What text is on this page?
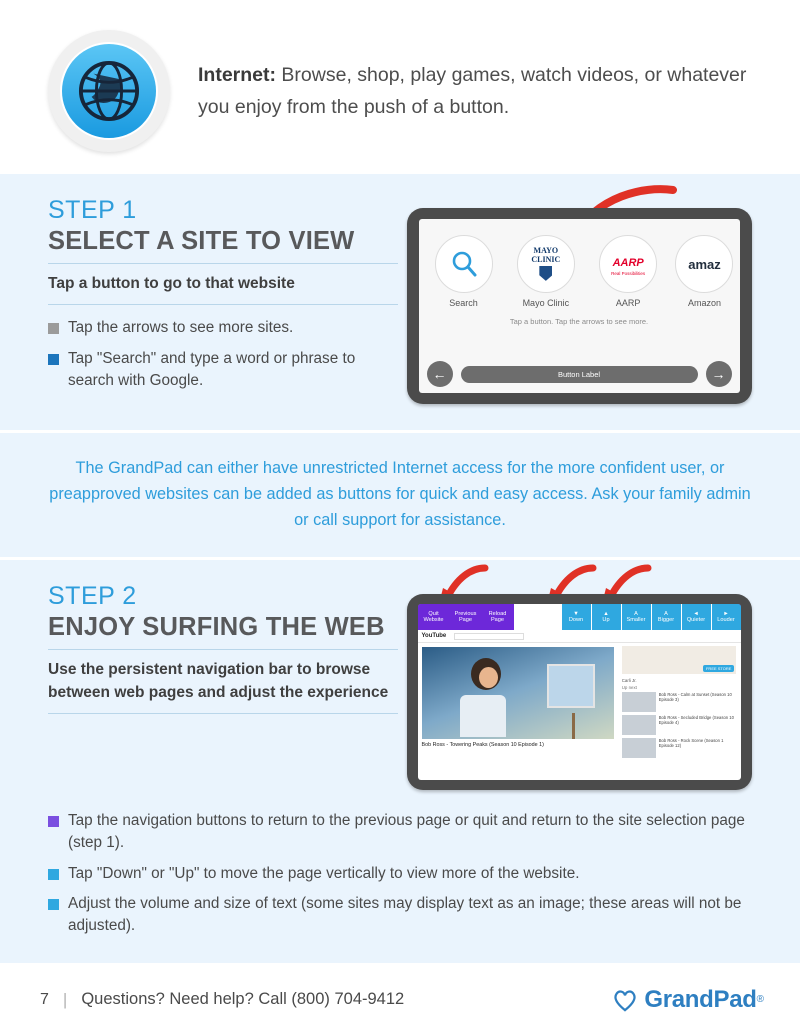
Internet: Browse, shop, play games, watch videos, or whatever you enjoy from the push of a button.
STEP 1
SELECT A SITE TO VIEW
Tap a button to go to that website
Tap the arrows to see more sites.
Tap "Search" and type a word or phrase to search with Google.
Search
MAYO
CLINIC
Mayo Clinic
AARP
Real Possibilities
AARP
amaz
Amazon
Tap a button. Tap the arrows to see more.
←	Button Label	→
The GrandPad can either have unrestricted Internet access for the more confident user, or preapproved websites can be added as buttons for quick and easy access. Ask your family admin or call support for assistance.
STEP 2
ENJOY SURFING THE WEB
Use the persistent navigation bar to browse between web pages and adjust the experience
Quit
Website
Previous
Page
Reload
Page
▼
Down
▲
Up
A
Smaller
A
Bigger
◄
Quieter
►
Louder
YouTube
Bob Ross - Towering Peaks (Season 10 Episode 1)
FREE STORE
Carli Jr.
Up next
Bob Ross - Calm at Sunset (Season 10 Episode 3)
Bob Ross - Secluded Bridge (Season 10 Episode 4)
Bob Ross - Rock Scene (Season 1 Episode 12)
Tap the navigation buttons to return to the previous page or quit and return to the site selection page (step 1).
Tap "Down" or "Up" to move the page vertically to view more of the website.
Adjust the volume and size of text (some sites may display text as an image; these areas will not be adjusted).
7 | Questions? Need help? Call (800) 704-9412	GrandPad ®
